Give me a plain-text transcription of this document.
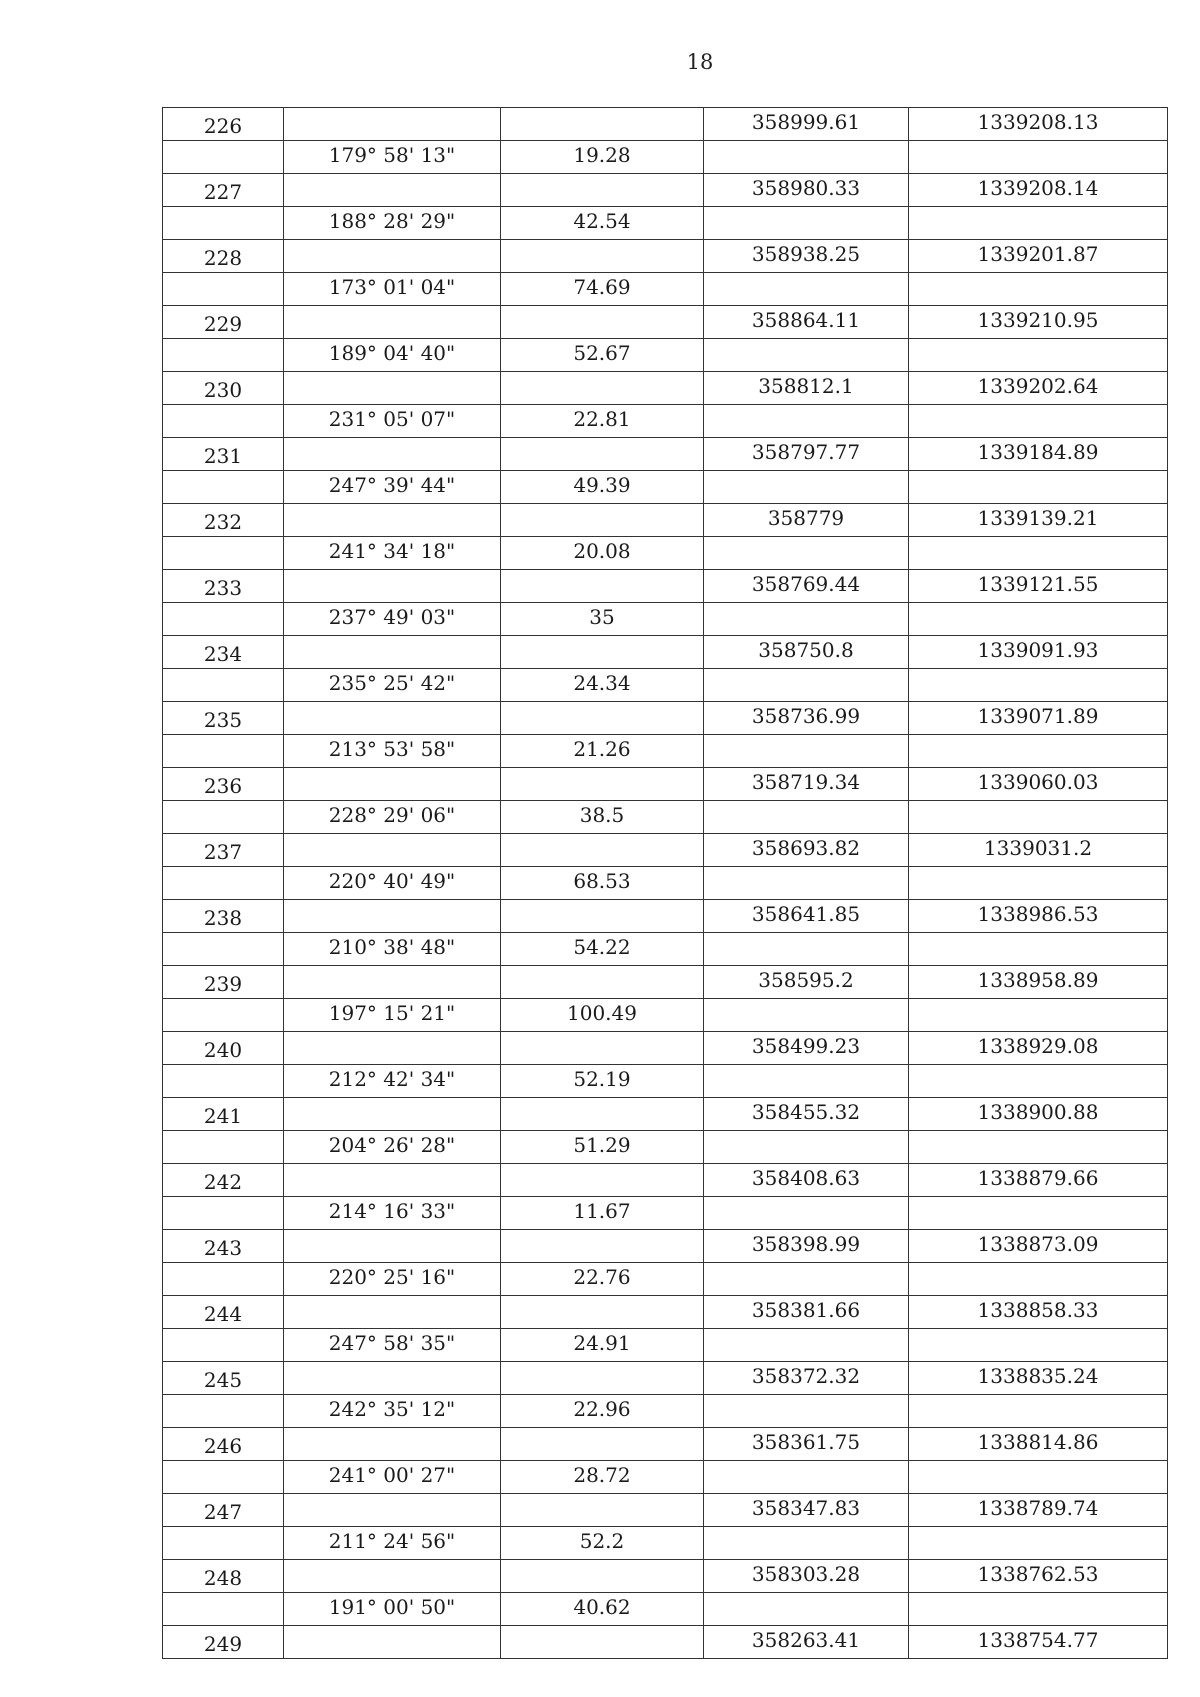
18
226			358999.61	1339208.13
	179° 58' 13"	19.28		
227			358980.33	1339208.14
	188° 28' 29"	42.54		
228			358938.25	1339201.87
	173° 01' 04"	74.69		
229			358864.11	1339210.95
	189° 04' 40"	52.67		
230			358812.1	1339202.64
	231° 05' 07"	22.81		
231			358797.77	1339184.89
	247° 39' 44"	49.39		
232			358779	1339139.21
	241° 34' 18"	20.08		
233			358769.44	1339121.55
	237° 49' 03"	35		
234			358750.8	1339091.93
	235° 25' 42"	24.34		
235			358736.99	1339071.89
	213° 53' 58"	21.26		
236			358719.34	1339060.03
	228° 29' 06"	38.5		
237			358693.82	1339031.2
	220° 40' 49"	68.53		
238			358641.85	1338986.53
	210° 38' 48"	54.22		
239			358595.2	1338958.89
	197° 15' 21"	100.49		
240			358499.23	1338929.08
	212° 42' 34"	52.19		
241			358455.32	1338900.88
	204° 26' 28"	51.29		
242			358408.63	1338879.66
	214° 16' 33"	11.67		
243			358398.99	1338873.09
	220° 25' 16"	22.76		
244			358381.66	1338858.33
	247° 58' 35"	24.91		
245			358372.32	1338835.24
	242° 35' 12"	22.96		
246			358361.75	1338814.86
	241° 00' 27"	28.72		
247			358347.83	1338789.74
	211° 24' 56"	52.2		
248			358303.28	1338762.53
	191° 00' 50"	40.62		
249			358263.41	1338754.77
